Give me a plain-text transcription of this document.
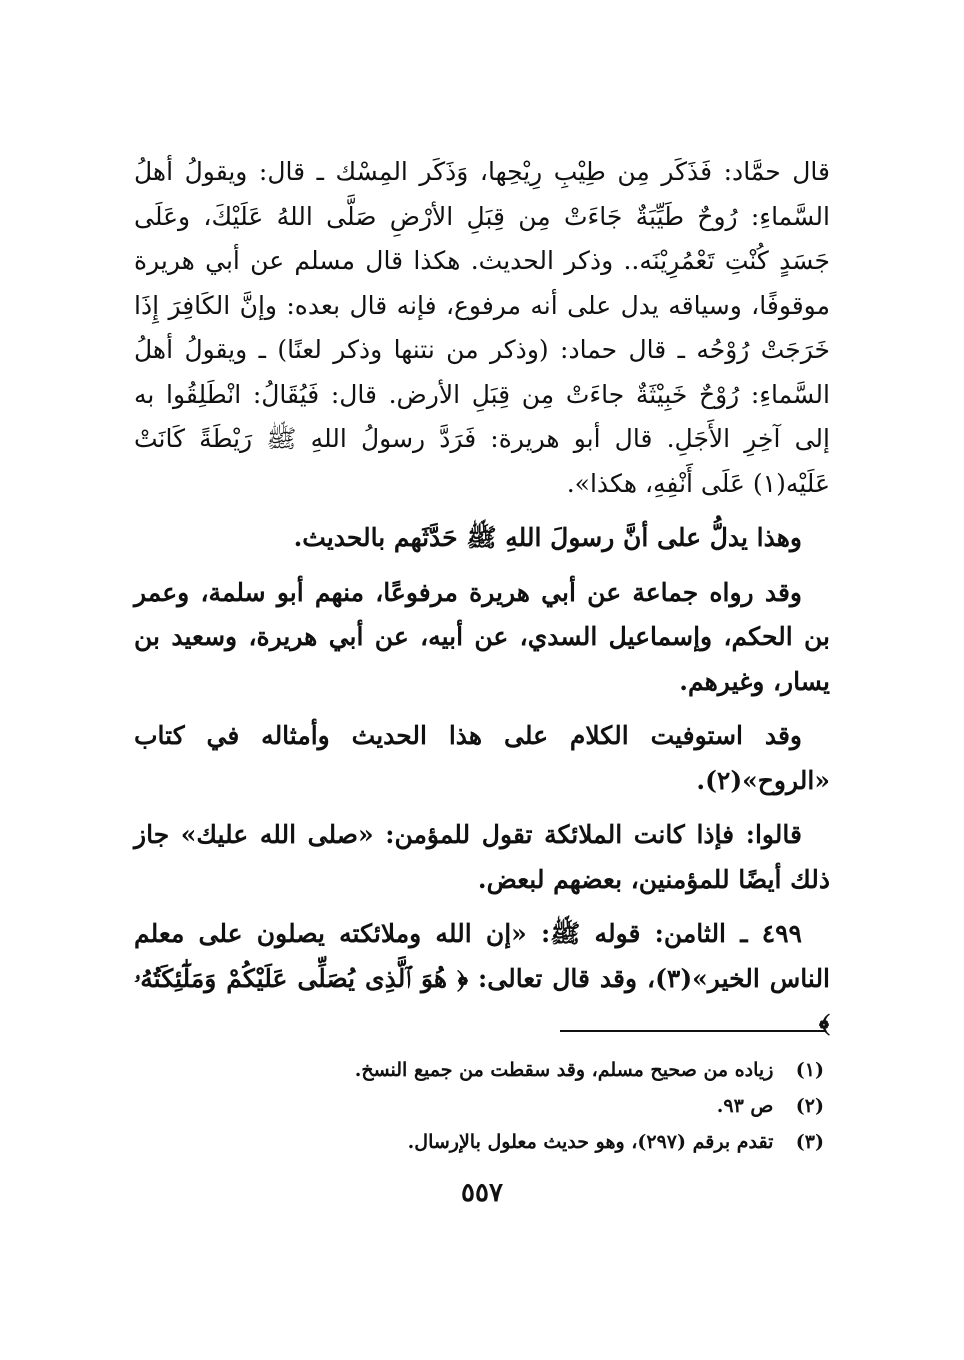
قال حمَّاد: فَذَكَر مِن طِيْبِ رِيْحِها، وَذَكَر المِسْك ـ قال: ويقولُ أهلُ السَّماءِ: رُوحٌ طَيِّبَةٌ جَاءَتْ مِن قِبَلِ الأرْضِ صَلَّى اللهُ عَلَيْكَ، وعَلَى جَسَدٍ كُنْتِ تَعْمُرِيْنَه.. وذكر الحديث. هكذا قال مسلم عن أبي هريرة موقوفًا، وسياقه يدل على أنه مرفوع، فإنه قال بعده: وإنَّ الكَافِرَ إِذَا خَرَجَتْ رُوْحُه ـ قال حماد: (وذكر من نتنها وذكر لعنًا) ـ ويقولُ أهلُ السَّماءِ: رُوْحٌ خَبِيْثَةٌ جاءَتْ مِن قِبَلِ الأرض. قال: فَيُقَالُ: انْطَلِقُوا به إلى آخِرِ الأَجَلِ. قال أبو هريرة: فَرَدَّ رسولُ اللهِ ﷺ رَيْطَةً كَانَتْ عَلَيْه(١) عَلَى أَنْفِهِ، هكذا».

وهذا يدلُّ على أنَّ رسولَ اللهِ ﷺ حَدَّثَهم بالحديث.

وقد رواه جماعة عن أبي هريرة مرفوعًا، منهم أبو سلمة، وعمر بن الحكم، وإسماعيل السدي، عن أبيه، عن أبي هريرة، وسعيد بن يسار، وغيرهم.

وقد استوفيت الكلام على هذا الحديث وأمثاله في كتاب «الروح»(٢).

قالوا: فإذا كانت الملائكة تقول للمؤمن: «صلى الله عليك» جاز ذلك أيضًا للمؤمنين، بعضهم لبعض.

٤٩٩ ـ الثامن: قوله ﷺ: «إن الله وملائكته يصلون على معلم الناس الخير»(٣)، وقد قال تعالى: ﴿ هُوَ ٱلَّذِى يُصَلِّى عَلَيْكُمْ وَمَلَٰٓئِكَتُهُۥ ﴾

(١) زياده من صحيح مسلم، وقد سقطت من جميع النسخ.
(٢) ص ٩٣.
(٣) تقدم برقم (٢٩٧)، وهو حديث معلول بالإرسال.
٥٥٧
